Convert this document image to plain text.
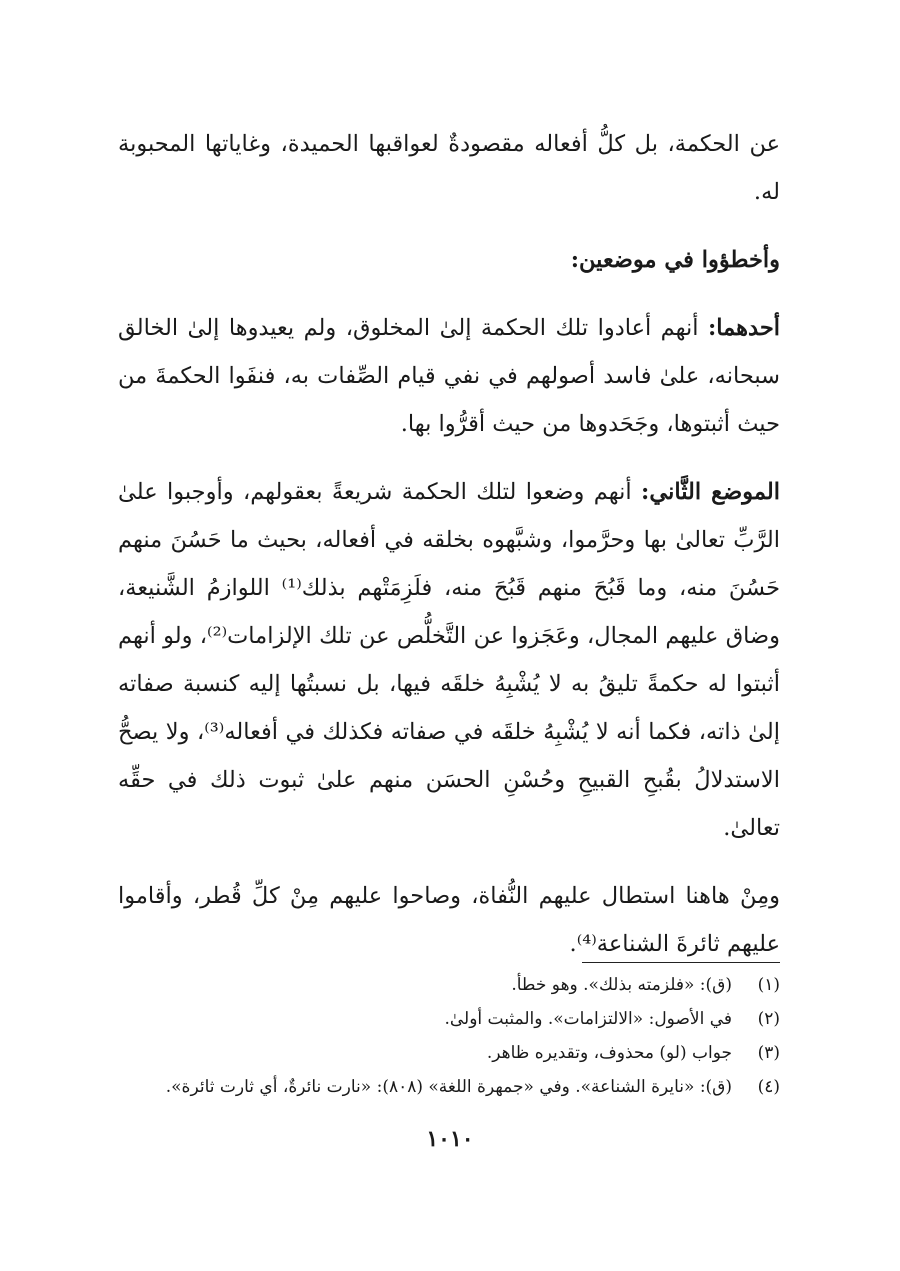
عن الحكمة، بل كلُّ أفعاله مقصودةٌ لعواقبها الحميدة، وغاياتها المحبوبة له.

وأخطؤوا في موضعين:

أحدهما: أنهم أعادوا تلك الحكمة إلىٰ المخلوق، ولم يعيدوها إلىٰ الخالق سبحانه، علىٰ فاسد أصولهم في نفي قيام الصِّفات به، فنفَوا الحكمةَ من حيث أثبتوها، وجَحَدوها من حيث أقرُّوا بها.

الموضع الثَّاني: أنهم وضعوا لتلك الحكمة شريعةً بعقولهم، وأوجبوا علىٰ الرَّبِّ تعالىٰ بها وحرَّموا، وشبَّهوه بخلقه في أفعاله، بحيث ما حَسُنَ منهم حَسُنَ منه، وما قَبُحَ منهم قَبُحَ منه، فلَزِمَتْهم بذلك⁽¹⁾ اللوازمُ الشَّنيعة، وضاق عليهم المجال، وعَجَزوا عن التَّخلُّص عن تلك الإلزامات⁽²⁾، ولو أنهم أثبتوا له حكمةً تليقُ به لا يُشْبِهُ خلقَه فيها، بل نسبتُها إليه كنسبة صفاته إلىٰ ذاته، فكما أنه لا يُشْبِهُ خلقَه في صفاته فكذلك في أفعاله⁽³⁾، ولا يصحُّ الاستدلالُ بقُبحِ القبيحِ وحُسْنِ الحسَن منهم علىٰ ثبوت ذلك في حقِّه تعالىٰ.

ومِنْ هاهنا استطال عليهم النُّفاة، وصاحوا عليهم مِنْ كلِّ قُطر، وأقاموا عليهم ثائرةَ الشناعة⁽⁴⁾.

(١)
(ق): «فلزمته بذلك». وهو خطأ.
(٢)
في الأصول: «الالتزامات». والمثبت أولىٰ.
(٣)
جواب (لو) محذوف، وتقديره ظاهر.
(٤)
(ق): «نايرة الشناعة». وفي «جمهرة اللغة» (٨٠٨): «نارت نائرةٌ، أي ثارت ثائرة».
١٠١٠
